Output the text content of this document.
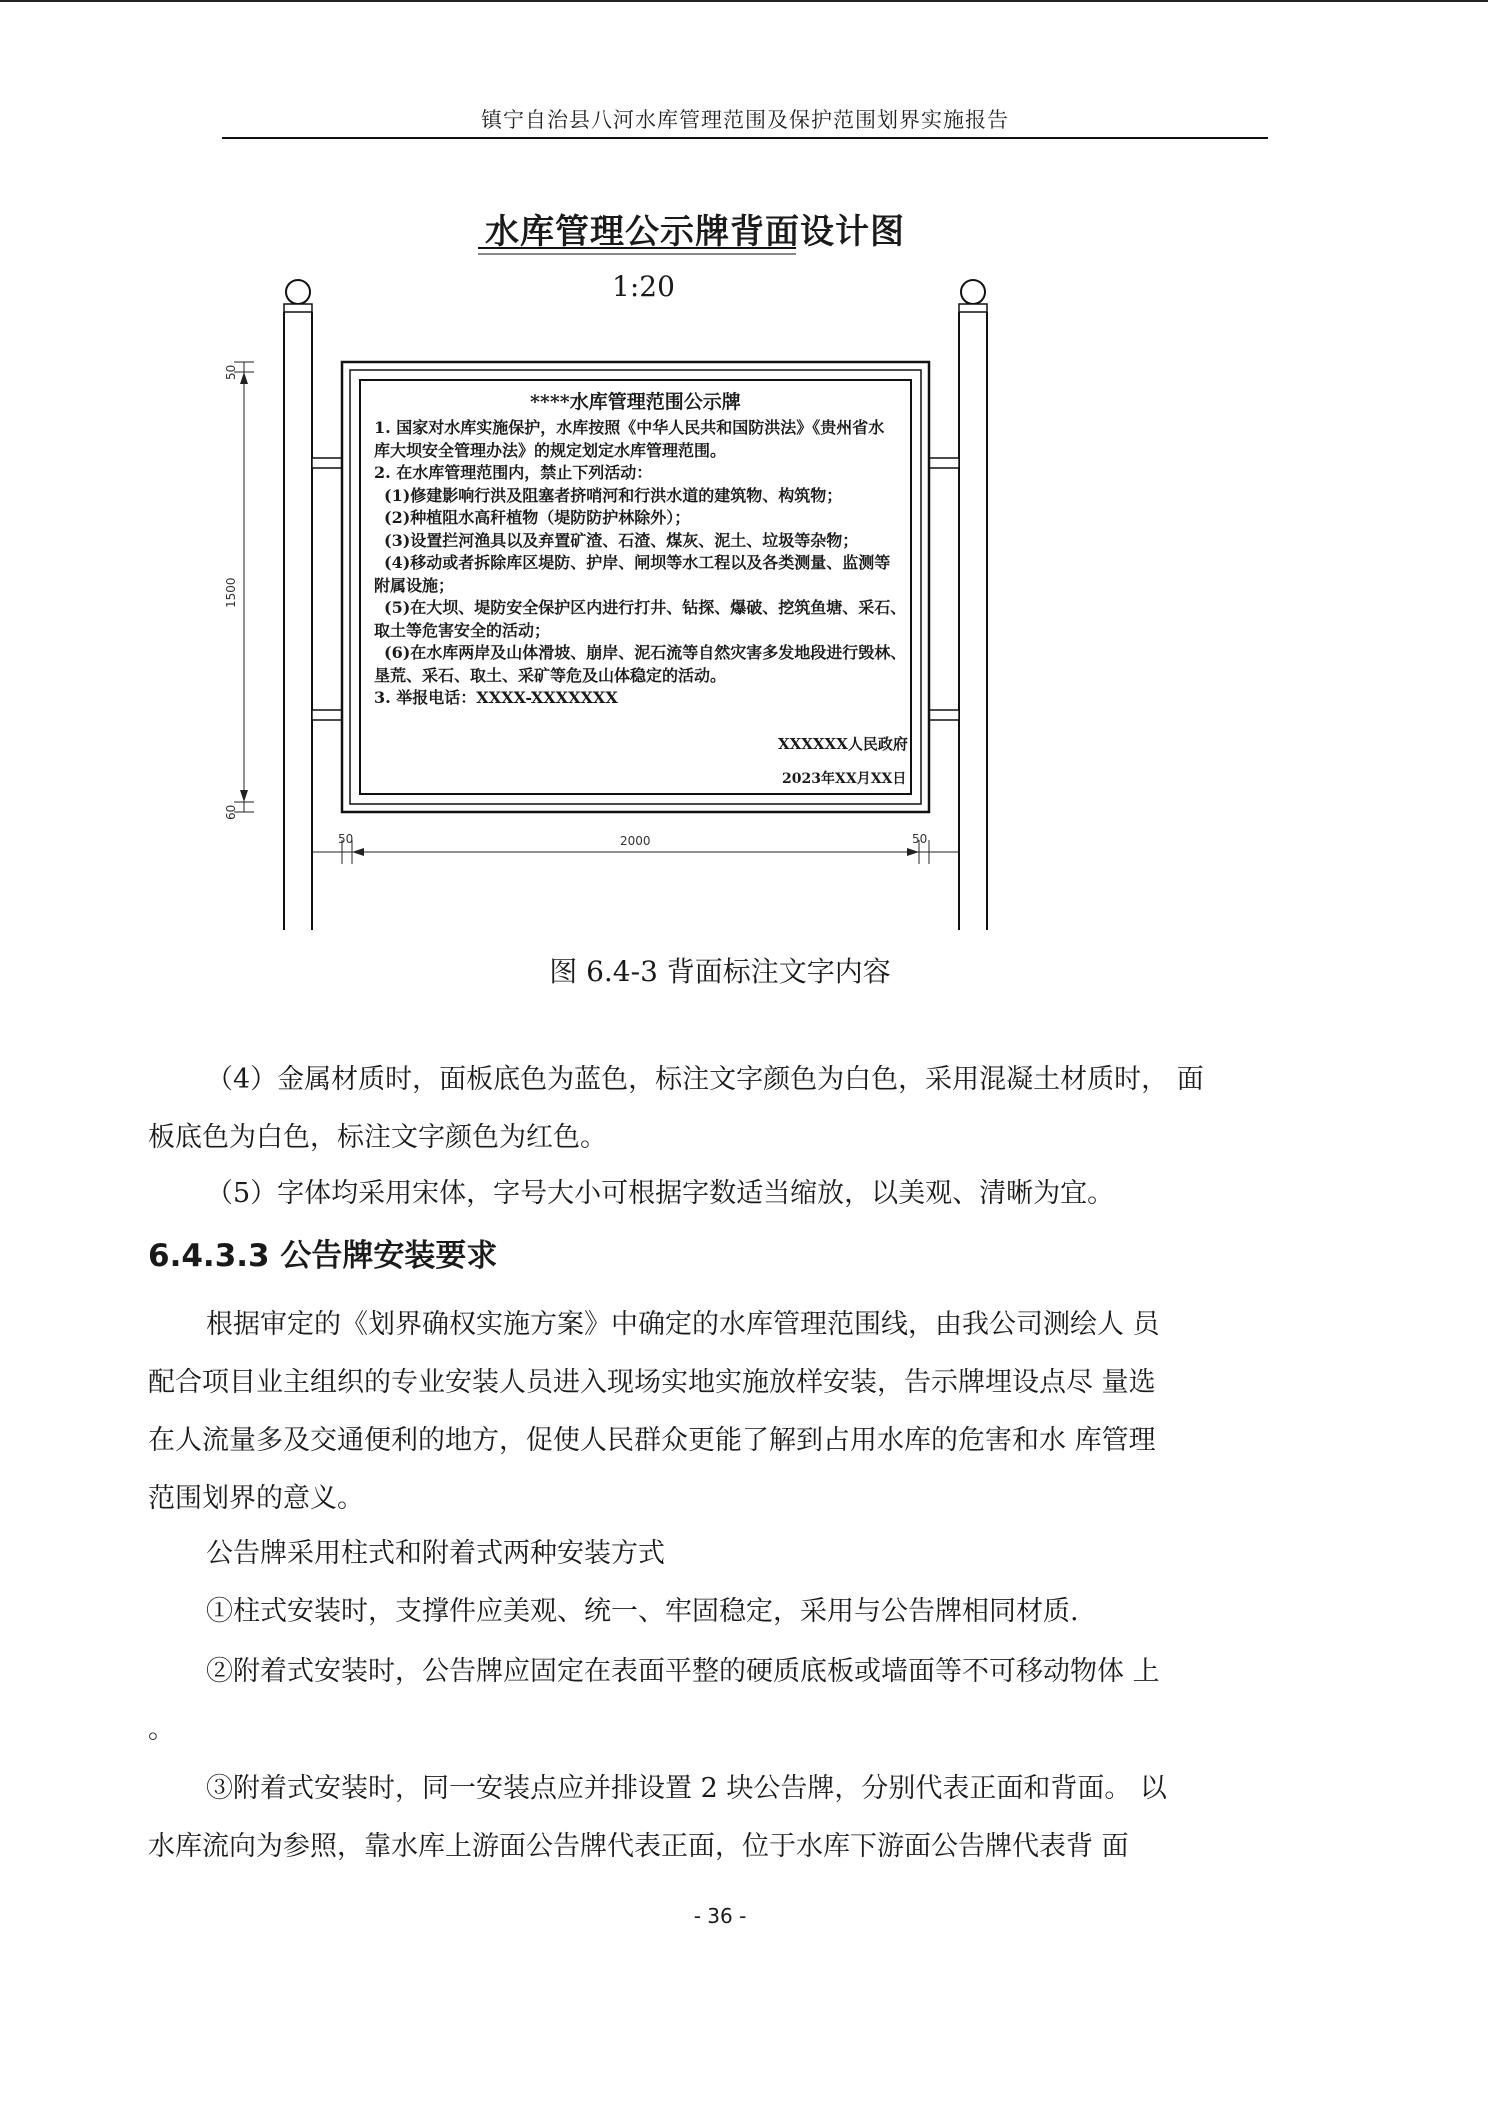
镇宁自治县八河水库管理范围及保护范围划界实施报告
水库管理公示牌背面设计图
1:20
****水库管理范围公示牌

1. 国家对水库实施保护，水库按照《中华人民共和国防洪法》《贵州省水

库大坝安全管理办法》的规定划定水库管理范围。

2. 在水库管理范围内，禁止下列活动：

(1)修建影响行洪及阻塞者挤哨河和行洪水道的建筑物、构筑物；

(2)种植阻水高秆植物（堤防防护林除外）；

(3)设置拦河渔具以及弃置矿渣、石渣、煤灰、泥土、垃圾等杂物；

(4)移动或者拆除库区堤防、护岸、闸坝等水工程以及各类测量、监测等

附属设施；

(5)在大坝、堤防安全保护区内进行打井、钻探、爆破、挖筑鱼塘、采石、

取土等危害安全的活动；

(6)在水库两岸及山体滑坡、崩岸、泥石流等自然灾害多发地段进行毁林、

垦荒、采石、取土、采矿等危及山体稳定的活动。

3. 举报电话：XXXX-XXXXXXX

XXXXXX人民政府
2023年XX月XX日
50
1500
60
50	2000	50
图 6.4-3 背面标注文字内容
（4）金属材质时，面板底色为蓝色，标注文字颜色为白色，采用混凝土材质时， 面
板底色为白色，标注文字颜色为红色。
（5）字体均采用宋体，字号大小可根据字数适当缩放，以美观、清晰为宜。
6.4.3.3 公告牌安装要求
根据审定的《划界确权实施方案》中确定的水库管理范围线，由我公司测绘人 员
配合项目业主组织的专业安装人员进入现场实地实施放样安装，告示牌埋设点尽 量选
在人流量多及交通便利的地方，促使人民群众更能了解到占用水库的危害和水 库管理
范围划界的意义。
公告牌采用柱式和附着式两种安装方式
①柱式安装时，支撑件应美观、统一、牢固稳定，采用与公告牌相同材质.
②附着式安装时，公告牌应固定在表面平整的硬质底板或墙面等不可移动物体 上
。
③附着式安装时，同一安装点应并排设置 2 块公告牌，分别代表正面和背面。 以
水库流向为参照，靠水库上游面公告牌代表正面，位于水库下游面公告牌代表背 面
- 36 -
